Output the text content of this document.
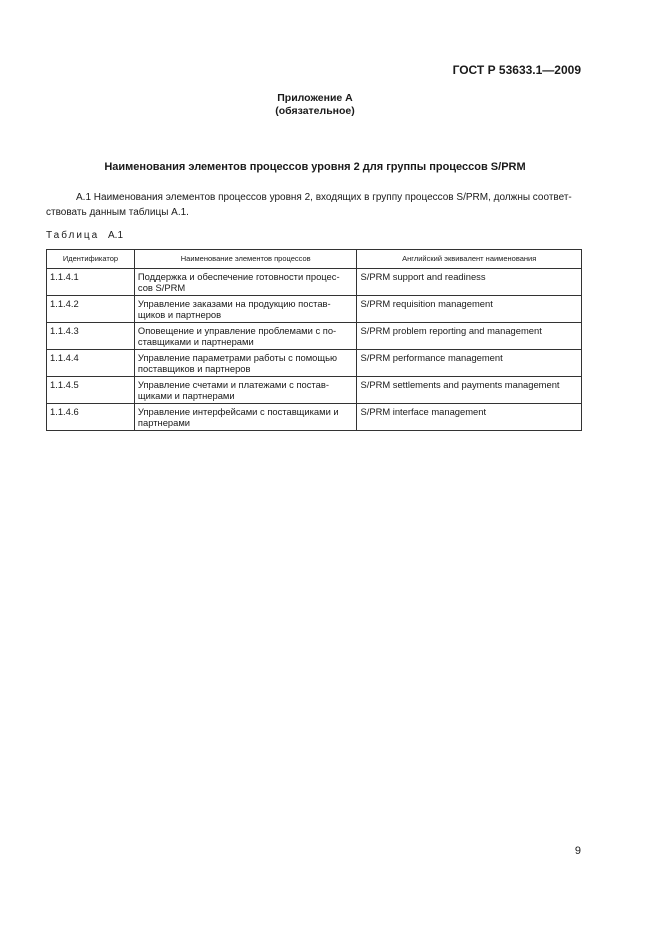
ГОСТ Р 53633.1—2009
Приложение А
(обязательное)
Наименования элементов процессов уровня 2 для группы процессов S/PRM
А.1 Наименования элементов процессов уровня 2, входящих в группу процессов S/PRM, должны соответ-
ствовать данным таблицы А.1.
Таблица А.1
Идентификатор	Наименование элементов процессов	Английский эквивалент наименования
1.1.4.1	Поддержка и обеспечение готовности процес-сов S/PRM	S/PRM support and readiness
1.1.4.2	Управление заказами на продукцию постав-щиков и партнеров	S/PRM requisition management
1.1.4.3	Оповещение и управление проблемами с по-ставщиками и партнерами	S/PRM problem reporting and management
1.1.4.4	Управление параметрами работы с помощью поставщиков и партнеров	S/PRM performance management
1.1.4.5	Управление счетами и платежами с постав-щиками и партнерами	S/PRM settlements and payments management
1.1.4.6	Управление интерфейсами с поставщиками и партнерами	S/PRM interface management
9
